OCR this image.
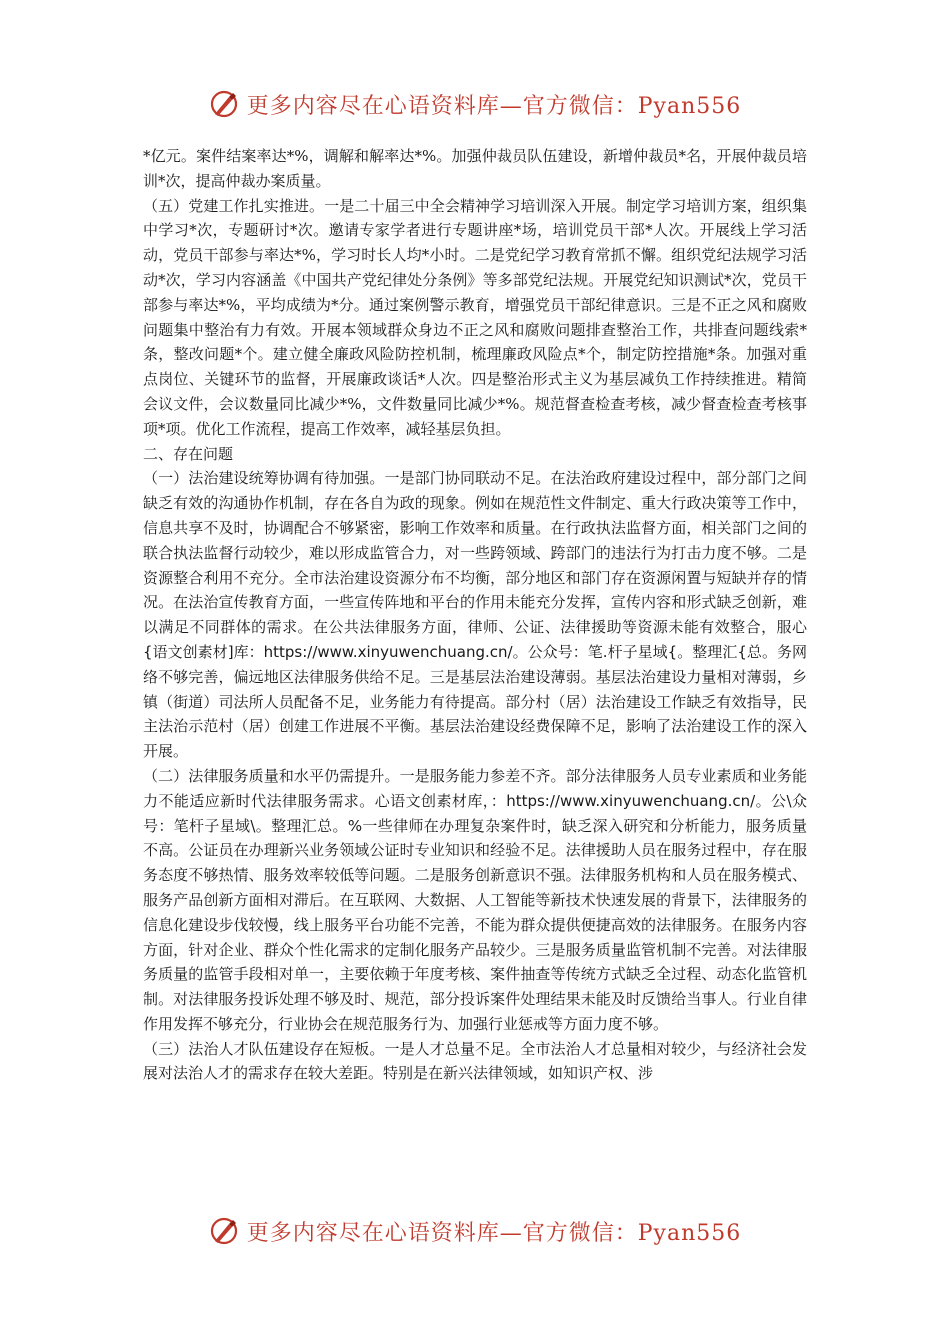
更多内容尽在心语资料库—官方微信：Pyan556

*亿元。案件结案率达*%，调解和解率达*%。加强仲裁员队伍建设，新增仲裁员*名，开展仲裁员培训*次，提高仲裁办案质量。

（五）党建工作扎实推进。一是二十届三中全会精神学习培训深入开展。制定学习培训方案，组织集中学习*次，专题研讨*次。邀请专家学者进行专题讲座*场，培训党员干部*人次。开展线上学习活动，党员干部参与率达*%，学习时长人均*小时。二是党纪学习教育常抓不懈。组织党纪法规学习活动*次，学习内容涵盖《中国共产党纪律处分条例》等多部党纪法规。开展党纪知识测试*次，党员干部参与率达*%，平均成绩为*分。通过案例警示教育，增强党员干部纪律意识。三是不正之风和腐败问题集中整治有力有效。开展本领域群众身边不正之风和腐败问题排查整治工作，共排查问题线索*条，整改问题*个。建立健全廉政风险防控机制，梳理廉政风险点*个，制定防控措施*条。加强对重点岗位、关键环节的监督，开展廉政谈话*人次。四是整治形式主义为基层减负工作持续推进。精简会议文件，会议数量同比减少*%，文件数量同比减少*%。规范督查检查考核，减少督查检查考核事项*项。优化工作流程，提高工作效率，减轻基层负担。

二、存在问题

（一）法治建设统筹协调有待加强。一是部门协同联动不足。在法治政府建设过程中，部分部门之间缺乏有效的沟通协作机制，存在各自为政的现象。例如在规范性文件制定、重大行政决策等工作中，信息共享不及时，协调配合不够紧密，影响工作效率和质量。在行政执法监督方面，相关部门之间的联合执法监督行动较少，难以形成监管合力，对一些跨领域、跨部门的违法行为打击力度不够。二是资源整合利用不充分。全市法治建设资源分布不均衡，部分地区和部门存在资源闲置与短缺并存的情况。在法治宣传教育方面，一些宣传阵地和平台的作用未能充分发挥，宣传内容和形式缺乏创新，难以满足不同群体的需求。在公共法律服务方面，律师、公证、法律援助等资源未能有效整合，服心{语文创素材]库：https://www.xinyuwenchuang.cn/。公众号：笔.杆子星域{。整理汇{总。务网络不够完善，偏远地区法律服务供给不足。三是基层法治建设薄弱。基层法治建设力量相对薄弱，乡镇（街道）司法所人员配备不足，业务能力有待提高。部分村（居）法治建设工作缺乏有效指导，民主法治示范村（居）创建工作进展不平衡。基层法治建设经费保障不足，影响了法治建设工作的深入开展。

（二）法律服务质量和水平仍需提升。一是服务能力参差不齐。部分法律服务人员专业素质和业务能力不能适应新时代法律服务需求。心语文创素材库，：https://www.xinyuwenchuang.cn/。公\众号：笔杆子星域\。整理汇总。%一些律师在办理复杂案件时，缺乏深入研究和分析能力，服务质量不高。公证员在办理新兴业务领域公证时专业知识和经验不足。法律援助人员在服务过程中，存在服务态度不够热情、服务效率较低等问题。二是服务创新意识不强。法律服务机构和人员在服务模式、服务产品创新方面相对滞后。在互联网、大数据、人工智能等新技术快速发展的背景下，法律服务的信息化建设步伐较慢，线上服务平台功能不完善，不能为群众提供便捷高效的法律服务。在服务内容方面，针对企业、群众个性化需求的定制化服务产品较少。三是服务质量监管机制不完善。对法律服务质量的监管手段相对单一，主要依赖于年度考核、案件抽查等传统方式缺乏全过程、动态化监管机制。对法律服务投诉处理不够及时、规范，部分投诉案件处理结果未能及时反馈给当事人。行业自律作用发挥不够充分，行业协会在规范服务行为、加强行业惩戒等方面力度不够。

（三）法治人才队伍建设存在短板。一是人才总量不足。全市法治人才总量相对较少，与经济社会发展对法治人才的需求存在较大差距。特别是在新兴法律领域，如知识产权、涉

更多内容尽在心语资料库—官方微信：Pyan556
